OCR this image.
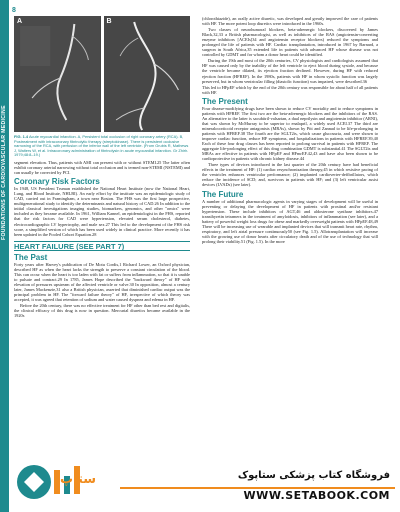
FOUNDATIONS OF CARDIOVASCULAR MEDICINE
8
A	B
FIG. 1.4 Acute myocardial infarction. A, Persistent total occlusion of right coronary artery (RCA). B, Postreatment with intracoronary fibrinolytic therapy (streptokinase). There is persistent occlusive narrowing of the RCA, with perfusion of the inferior wall of the left ventricle. (From Grubis R, Mathews J, Walters W, et al. Intracoronary administration of fibrinolysin in acute myocardial infarction. Gr Zhirh. 1979;48:8–19.)

segment elevation. Thus, patients with AMI can present with or without STEMI.25 The latter often exhibit coronary arterial narrowing without total occlusion and is termed non-STEMI (NSTEMI) and can usually be corrected by PCI.

Coronary Risk Factors

In 1948, US President Truman established the National Heart Institute (now the National Heart, Lung, and Blood Institute, NHLBI). An early effort by the institute was an epidemiologic study of CAD, carried out in Framingham, a town near Boston. The FHS was the first large prospective, multigenerational study to identify the determinants and natural history of CAD.26 In addition to the initial classical investigations imaging studies, biomarkers, genomics, and other "omics" were included as they became available. In 1961, William Kannel, an epidemiologist in the FHS, reported that the risk factors for CAD were hypertension, elevated serum cholesterol, diabetes, electrocardiographic LV hypertrophy, and male sex.27 This led to the development of the FHS risk score, a simplified version of which has been used widely in clinical practice. More recently it has been updated in the Pooled Cohort Equation.28

HEART FAILURE (SEE PART 7)
The Past

Forty years after Harvey's publication of De Motu Cordis,1 Richard Lower, an Oxford physician, described HF as when the heart lacks the strength to preserve a constant circulation of the blood. This can occur when the heart is too laden with fat or suffers from inflammation, so that it is unable to pulsate and contract.29 In 1785, James Hope described the "backward theory" of HF with elevation of pressures upstream of the affected ventricle or valve.30 In opposition, almost a century later, James Mackenzie,31 also a British physician, asserted that diminished cardiac output was the principal problem in HF. The "forward failure theory" of HF, irrespective of which theory was accepted, it was agreed that retention of sodium and water caused dyspnea and edema in HF.

Before the 20th century, there was no effective treatment for HF other than bed rest and digitalis, the clinical efficacy of this drug is now in question. Mercurial diuretics became available in the 1920s

(chlorothiazide), an orally active diuretic, was developed and greatly improved the care of patients with HF. The more potent loop diuretics were introduced in the 1960s.

Two classes of neurohumoral blockers, beta-adrenergic blockers, discovered by James Black,32,33 a British pharmacologist, as well as inhibitors of the RAS (angiotensin-converting enzyme inhibitors [ACEIs]34 and angiotensin receptor blockers) reduced the symptoms and prolonged the life of patients with HF. Cardiac transplantation, introduced in 1967 by Barnard, a surgeon in South Africa,35 extended life in patients with advanced HF whose disease was not controlled by GDMT and for whom a donor heart could be identified.

During the 19th and most of the 20th centuries, CV physiologists and cardiologists assumed that HF was caused only by the inability of the left ventricle to eject blood during systole, and because the ventricle became dilated, its ejection fraction declined. However, during HF with reduced ejection fraction (HFREF). In the 1980s, patients with HF in whom systolic function was largely preserved, but in whom ventricular filling (diastolic function) was impaired, were described.36

This led to HFpEF which by the end of the 20th century was responsible for about half of all patients with HF.

The Present

Four disease-modifying drugs have been shown to reduce CV mortality and to reduce symptoms in patients with HFREF. The first two are the beta-adrenergic blockers and the inhibitors of the RAS. An alternative to the latter is sacubitril-valsartan, a dual neprilysin and angiotensin inhibitor (ARNI), that was shown by McMurray to be superior to enalapril, a widely used ACEI.37 The third are mineralocorticoid receptor antagonists (MRAs), shown by Pitt and Zannad to be life-prolonging in patients with HFREF.38 The fourth are the SGLT2is, which cause glucosuria, and were shown to improve cardiac function, reduce HF symptoms, and hospitalizations in patients with HFREF.39,40 Each of these four drug classes has been reported to prolong survival in patients with HFREF. The aggregate life-prolonging effect of this drug combination GDMT is substantial.41 The SGLT2is and MRAs are effective in patients with HFpEF and HFmrEF.42,43 and have also been shown to be cardioprotective in patients with chronic kidney disease.44

Three types of devices introduced in the last quarter of the 20th century have had beneficial effects in the treatment of HF: (1) cardiac resynchronization therapy,45 in which resistive pacing of the ventricles enhances ventricular performance; (2) implanted cardioverter-defibrillators, which reduce the incidence of SCD; and, survivors in patients with HF; and (3) left ventricular assist devices (LVADs) (see later).

The Future

A number of additional pharmacologic agents in varying stages of development will be useful in preventing or delaying the development of HF in patients with prostinal and/or resistant hypertension. These include inhibitors of AGT,46 and aldosterone synthase inhibitors.47 transthyretin tetramers in the treatment of amyloidosis, inhibitors of inflammation (see later), and a battery of powerful weight loss drugs for obese and markedly overweight patients with HFpEF.48,49 There will be increasing use of wearable and implanted devices that will transmit heart rate, rhythm, respiratory, and left atrial pressure continuously50 (see Fig. 1.5). Allotransplantation will increase with the growing use of donor hearts after circulatory death and of the use of technology that will prolong their viability.51 (Fig. 1.5). In the more

ستاپ	فروشگاه کتاب پزشکی ستاپوک
WWW.SETABOOK.COM
